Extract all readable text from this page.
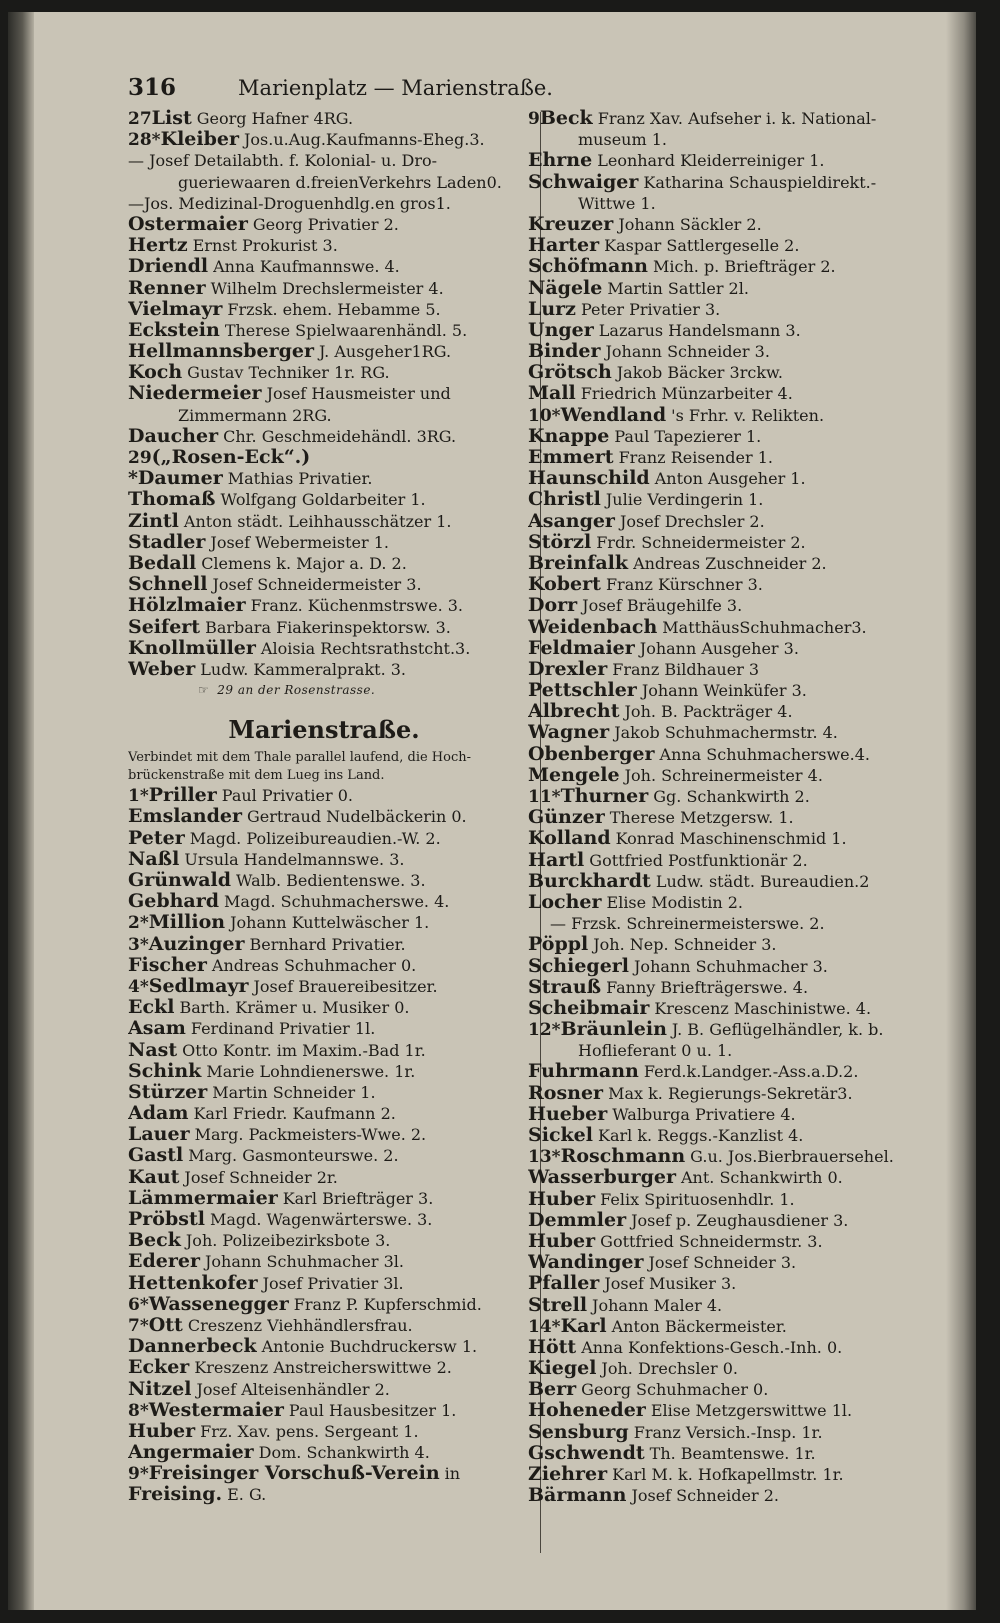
316	Marienplatz — Marienstraße.
27List Georg Hafner 4RG.
28*Kleiber Jos.u.Aug.Kaufmanns-Eheg.3.
— Josef Detailabth. f. Kolonial- u. Dro-
gueriewaaren d.freienVerkehrs Laden0.
—Jos. Medizinal-Droguenhdlg.en gros1.
Ostermaier Georg Privatier 2.
Hertz Ernst Prokurist 3.
Driendl Anna Kaufmannswe. 4.
Renner Wilhelm Drechslermeister 4.
Vielmayr Frzsk. ehem. Hebamme 5.
Eckstein Therese Spielwaarenhändl. 5.
Hellmannsberger J. Ausgeher1RG.
Koch Gustav Techniker 1r. RG.
Niedermeier Josef Hausmeister und
Zimmermann 2RG.
Daucher Chr. Geschmeidehändl. 3RG.
29(„Rosen-Eck“.)
*Daumer Mathias Privatier.
Thomaß Wolfgang Goldarbeiter 1.
Zintl Anton städt. Leihhausschätzer 1.
Stadler Josef Webermeister 1.
Bedall Clemens k. Major a. D. 2.
Schnell Josef Schneidermeister 3.
Hölzlmaier Franz. Küchenmstrswe. 3.
Seifert Barbara Fiakerinspektorsw. 3.
Knollmüller Aloisia Rechtsrathstcht.3.
Weber Ludw. Kammeralprakt. 3.
☞ 29 an der Rosenstrasse.
Marienstraße.
Verbindet mit dem Thale parallel laufend, die Hoch-
brückenstraße mit dem Lueg ins Land.
1*Priller Paul Privatier 0.
Emslander Gertraud Nudelbäckerin 0.
Peter Magd. Polizeibureaudien.-W. 2.
Naßl Ursula Handelmannswe. 3.
Grünwald Walb. Bedientenswe. 3.
Gebhard Magd. Schuhmacherswe. 4.
2*Million Johann Kuttelwäscher 1.
3*Auzinger Bernhard Privatier.
Fischer Andreas Schuhmacher 0.
4*Sedlmayr Josef Brauereibesitzer.
Eckl Barth. Krämer u. Musiker 0.
Asam Ferdinand Privatier 1l.
Nast Otto Kontr. im Maxim.-Bad 1r.
Schink Marie Lohndienerswe. 1r.
Stürzer Martin Schneider 1.
Adam Karl Friedr. Kaufmann 2.
Lauer Marg. Packmeisters-Wwe. 2.
Gastl Marg. Gasmonteurswe. 2.
Kaut Josef Schneider 2r.
Lämmermaier Karl Briefträger 3.
Pröbstl Magd. Wagenwärterswe. 3.
Beck Joh. Polizeibezirksbote 3.
Ederer Johann Schuhmacher 3l.
Hettenkofer Josef Privatier 3l.
6*Wassenegger Franz P. Kupferschmid.
7*Ott Creszenz Viehhändlersfrau.
Dannerbeck Antonie Buchdruckersw 1.
Ecker Kreszenz Anstreicherswittwe 2.
Nitzel Josef Alteisenhändler 2.
8*Westermaier Paul Hausbesitzer 1.
Huber Frz. Xav. pens. Sergeant 1.
Angermaier Dom. Schankwirth 4.
9*Freisinger Vorschuß-Verein in
Freising. E. G.
9Beck Franz Xav. Aufseher i. k. National-
museum 1.
Ehrne Leonhard Kleiderreiniger 1.
Schwaiger Katharina Schauspieldirekt.-
Wittwe 1.
Kreuzer Johann Säckler 2.
Harter Kaspar Sattlergeselle 2.
Schöfmann Mich. p. Briefträger 2.
Nägele Martin Sattler 2l.
Lurz Peter Privatier 3.
Unger Lazarus Handelsmann 3.
Binder Johann Schneider 3.
Grötsch Jakob Bäcker 3rckw.
Mall Friedrich Münzarbeiter 4.
10*Wendland 's Frhr. v. Relikten.
Knappe Paul Tapezierer 1.
Emmert Franz Reisender 1.
Haunschild Anton Ausgeher 1.
Christl Julie Verdingerin 1.
Asanger Josef Drechsler 2.
Störzl Frdr. Schneidermeister 2.
Breinfalk Andreas Zuschneider 2.
Kobert Franz Kürschner 3.
Dorr Josef Bräugehilfe 3.
Weidenbach MatthäusSchuhmacher3.
Feldmaier Johann Ausgeher 3.
Drexler Franz Bildhauer 3
Pettschler Johann Weinküfer 3.
Albrecht Joh. B. Packträger 4.
Wagner Jakob Schuhmachermstr. 4.
Obenberger Anna Schuhmacherswe.4.
Mengele Joh. Schreinermeister 4.
11*Thurner Gg. Schankwirth 2.
Günzer Therese Metzgersw. 1.
Kolland Konrad Maschinenschmid 1.
Hartl Gottfried Postfunktionär 2.
Burckhardt Ludw. städt. Bureaudien.2
Locher Elise Modistin 2.
— Frzsk. Schreinermeisterswe. 2.
Pöppl Joh. Nep. Schneider 3.
Schiegerl Johann Schuhmacher 3.
Strauß Fanny Briefträgerswe. 4.
Scheibmair Krescenz Maschinistwe. 4.
12*Bräunlein J. B. Geflügelhändler, k. b.
Hoflieferant 0 u. 1.
Fuhrmann Ferd.k.Landger.-Ass.a.D.2.
Rosner Max k. Regierungs-Sekretär3.
Hueber Walburga Privatiere 4.
Sickel Karl k. Reggs.-Kanzlist 4.
13*Roschmann G.u. Jos.Bierbrauersehel.
Wasserburger Ant. Schankwirth 0.
Huber Felix Spirituosenhdlr. 1.
Demmler Josef p. Zeughausdiener 3.
Huber Gottfried Schneidermstr. 3.
Wandinger Josef Schneider 3.
Pfaller Josef Musiker 3.
Strell Johann Maler 4.
14*Karl Anton Bäckermeister.
Hött Anna Konfektions-Gesch.-Inh. 0.
Kiegel Joh. Drechsler 0.
Berr Georg Schuhmacher 0.
Hoheneder Elise Metzgerswittwe 1l.
Sensburg Franz Versich.-Insp. 1r.
Gschwendt Th. Beamtenswe. 1r.
Ziehrer Karl M. k. Hofkapellmstr. 1r.
Bärmann Josef Schneider 2.
